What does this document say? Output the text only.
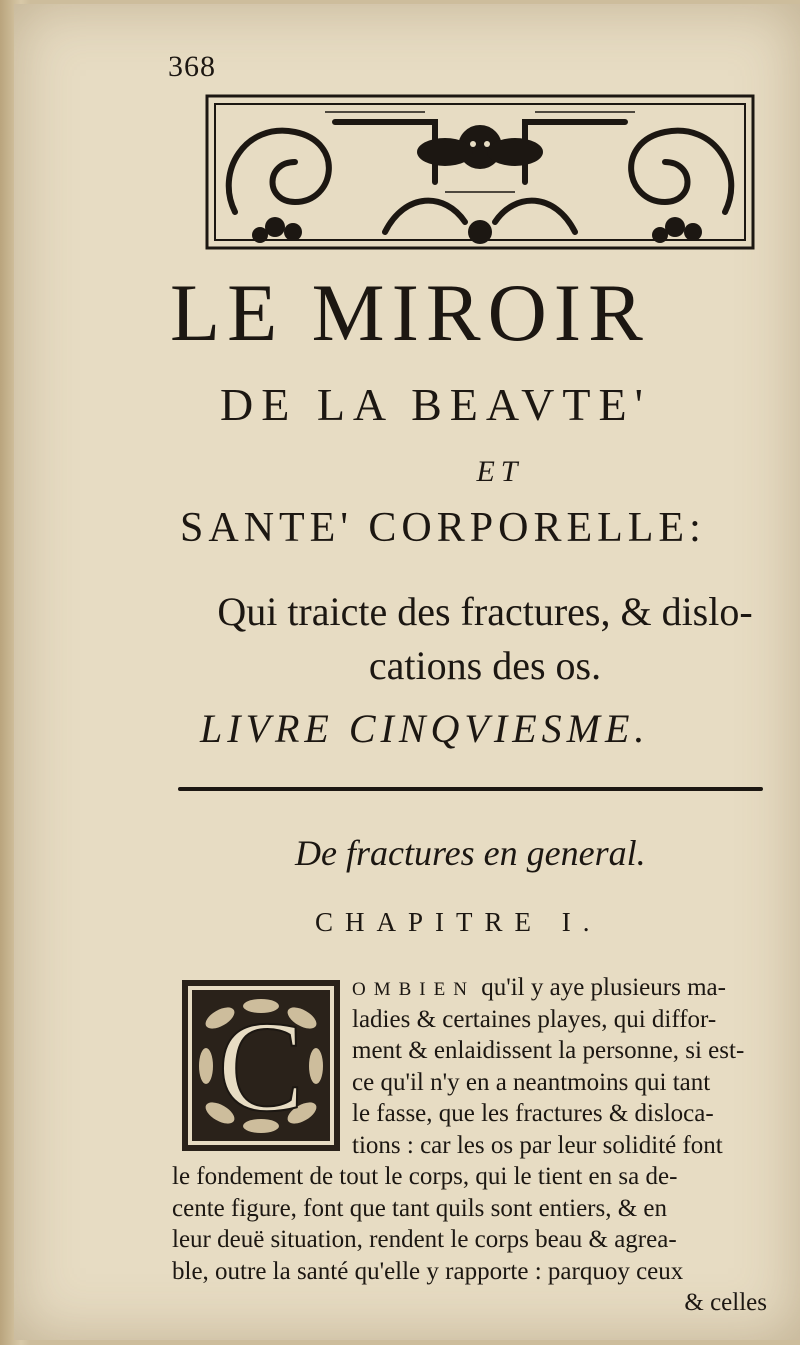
368
LE MIROIR
DE LA BEAVTE'
ET
SANTE' CORPORELLE:
Qui traicte des fractures, & dislo-
cations des os.
LIVRE CINQVIESME.
De fractures en general.
CHAPITRE I.
C
OMBIEN qu'il y aye plusieurs ma-
ladies & certaines playes, qui diffor-
ment & enlaidissent la personne, si est-
ce qu'il n'y en a neantmoins qui tant
le fasse, que les fractures & disloca-
tions : car les os par leur solidité font
le fondement de tout le corps, qui le tient en sa de-
cente figure, font que tant quils sont entiers, & en
leur deuë situation, rendent le corps beau & agrea-
ble, outre la santé qu'elle y rapporte : parquoy ceux
& celles
